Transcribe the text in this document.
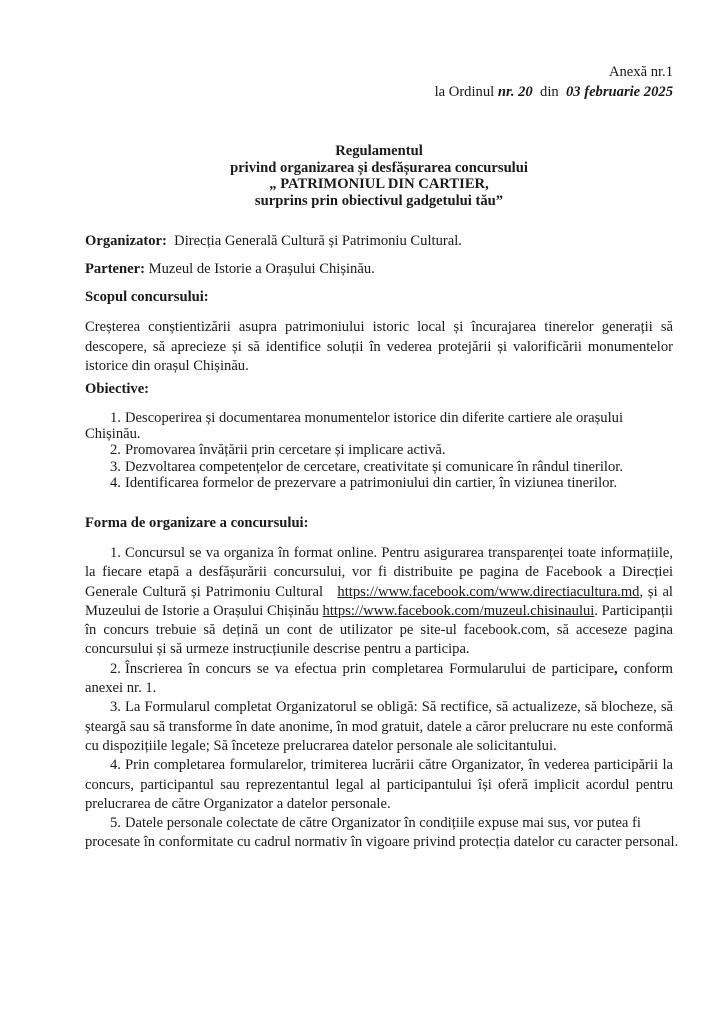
Anexă nr.1
la Ordinul nr. 20  din  03 februarie 2025
Regulamentul
privind organizarea și desfășurarea concursului
„ PATRIMONIUL DIN CARTIER,
surprins prin obiectivul gadgetului tău”
Organizator: Direcția Generală Cultură și Patrimoniu Cultural.
Partener: Muzeul de Istorie a Orașului Chișinău.
Scopul concursului:
Creșterea conștientizării asupra patrimoniului istoric local și încurajarea tinerelor generații să
descopere, să aprecieze și să identifice soluții în vederea protejării și valorificării monumentelor
istorice din orașul Chișinău.
Obiective:
1. Descoperirea și documentarea monumentelor istorice din diferite cartiere ale orașului
Chișinău.
2. Promovarea învățării prin cercetare și implicare activă.
3. Dezvoltarea competențelor de cercetare, creativitate și comunicare în rândul tinerilor.
4. Identificarea formelor de prezervare a patrimoniului din cartier, în viziunea tinerilor.
Forma de organizare a concursului:
1. Concursul se va organiza în format online. Pentru asigurarea transparenței toate informațiile,
la fiecare etapă a desfășurării concursului, vor fi distribuite pe pagina de Facebook a Direcției
Generale Cultură și Patrimoniu Cultural   https://www.facebook.com/www.directiacultura.md, și al
Muzeului de Istorie a Orașului Chișinău https://www.facebook.com/muzeul.chisinaului. Participanții
în concurs trebuie să dețină un cont de utilizator pe site-ul facebook.com, să acceseze pagina
concursului și să urmeze instrucțiunile descrise pentru a participa.
2. Înscrierea în concurs se va efectua prin completarea Formularului de participare, conform
anexei nr. 1.
3. La Formularul completat Organizatorul se obligă: Să rectifice, să actualizeze, să blocheze, să
șteargă sau să transforme în date anonime, în mod gratuit, datele a căror prelucrare nu este conformă
cu dispozițiile legale; Să înceteze prelucrarea datelor personale ale solicitantului.
4. Prin completarea formularelor, trimiterea lucrării către Organizator, în vederea participării la
concurs, participantul sau reprezentantul legal al participantului își oferă implicit acordul pentru
prelucrarea de către Organizator a datelor personale.
5. Datele personale colectate de către Organizator în condițiile expuse mai sus, vor putea fi
procesate în conformitate cu cadrul normativ în vigoare privind protecția datelor cu caracter personal.
